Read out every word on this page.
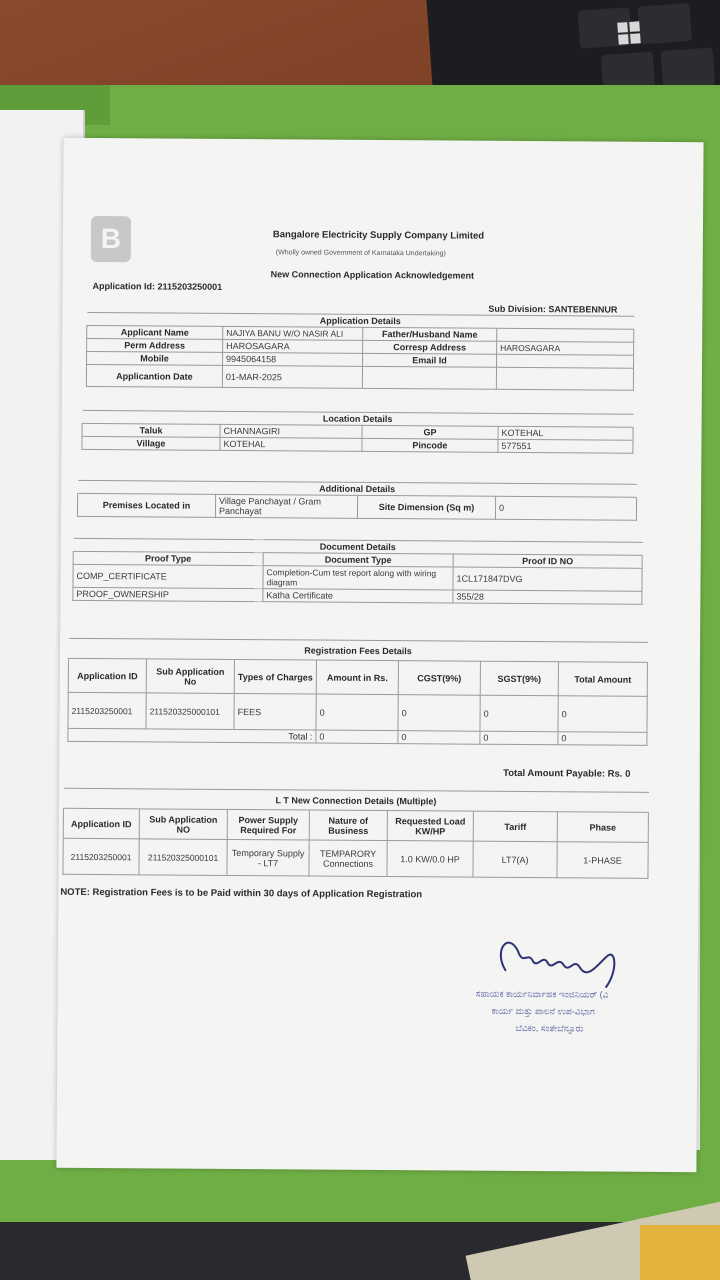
B	Bangalore Electricity Supply Company Limited
(Wholly owned Government of Karnataka Undertaking)
New Connection Application Acknowledgement
Application Id: 2115203250001
Sub Division: SANTEBENNUR
Application Details			
Applicant Name	NAJIYA BANU W/O NASIR ALI	Father/Husband Name	
Perm Address	HAROSAGARA	Corresp Address	HAROSAGARA
Mobile	9945064158	Email Id	
Applicantion Date	01-MAR-2025		
Location Details			
Taluk	CHANNAGIRI	GP	KOTEHAL
Village	KOTEHAL	Pincode	577551
Additional Details
Premises Located in	Village Panchayat / Gram Panchayat	Site Dimension (Sq m)	0
Document Details		
Proof Type	Document Type	Proof ID NO
COMP_CERTIFICATE	Completion-Cum test report along with wiring diagram	1CL171847DVG
PROOF_OWNERSHIP	Katha Certificate	355/28
Registration Fees Details						
Application ID	Sub Application No	Types of Charges	Amount in Rs.	CGST(9%)	SGST(9%)	Total Amount
2115203250001	211520325000101	FEES	0	0	0	0
Total :			0	0	0	0
Total Amount Payable: Rs. 0
L T New Connection Details (Multiple)						
Application ID	Sub Application NO	Power Supply Required For	Nature of Business	Requested Load KW/HP	Tariff	Phase
2115203250001	211520325000101	Temporary Supply - LT7	TEMPARORY Connections	1.0 KW/0.0 HP	LT7(A)	1-PHASE
NOTE: Registration Fees is to be Paid within 30 days of Application Registration
ಸಹಾಯಕ ಕಾರ್ಯನಿರ್ವಾಹಕ ಇಂಜಿನಿಯರ್ (ವಿ
ಕಾರ್ಯ ಮತ್ತು ಪಾಲನೆ ಉಪ-ವಿಭಾಗ
ಬೆವಿಕಂ, ಸಂತೇಬೆನ್ನೂರು
